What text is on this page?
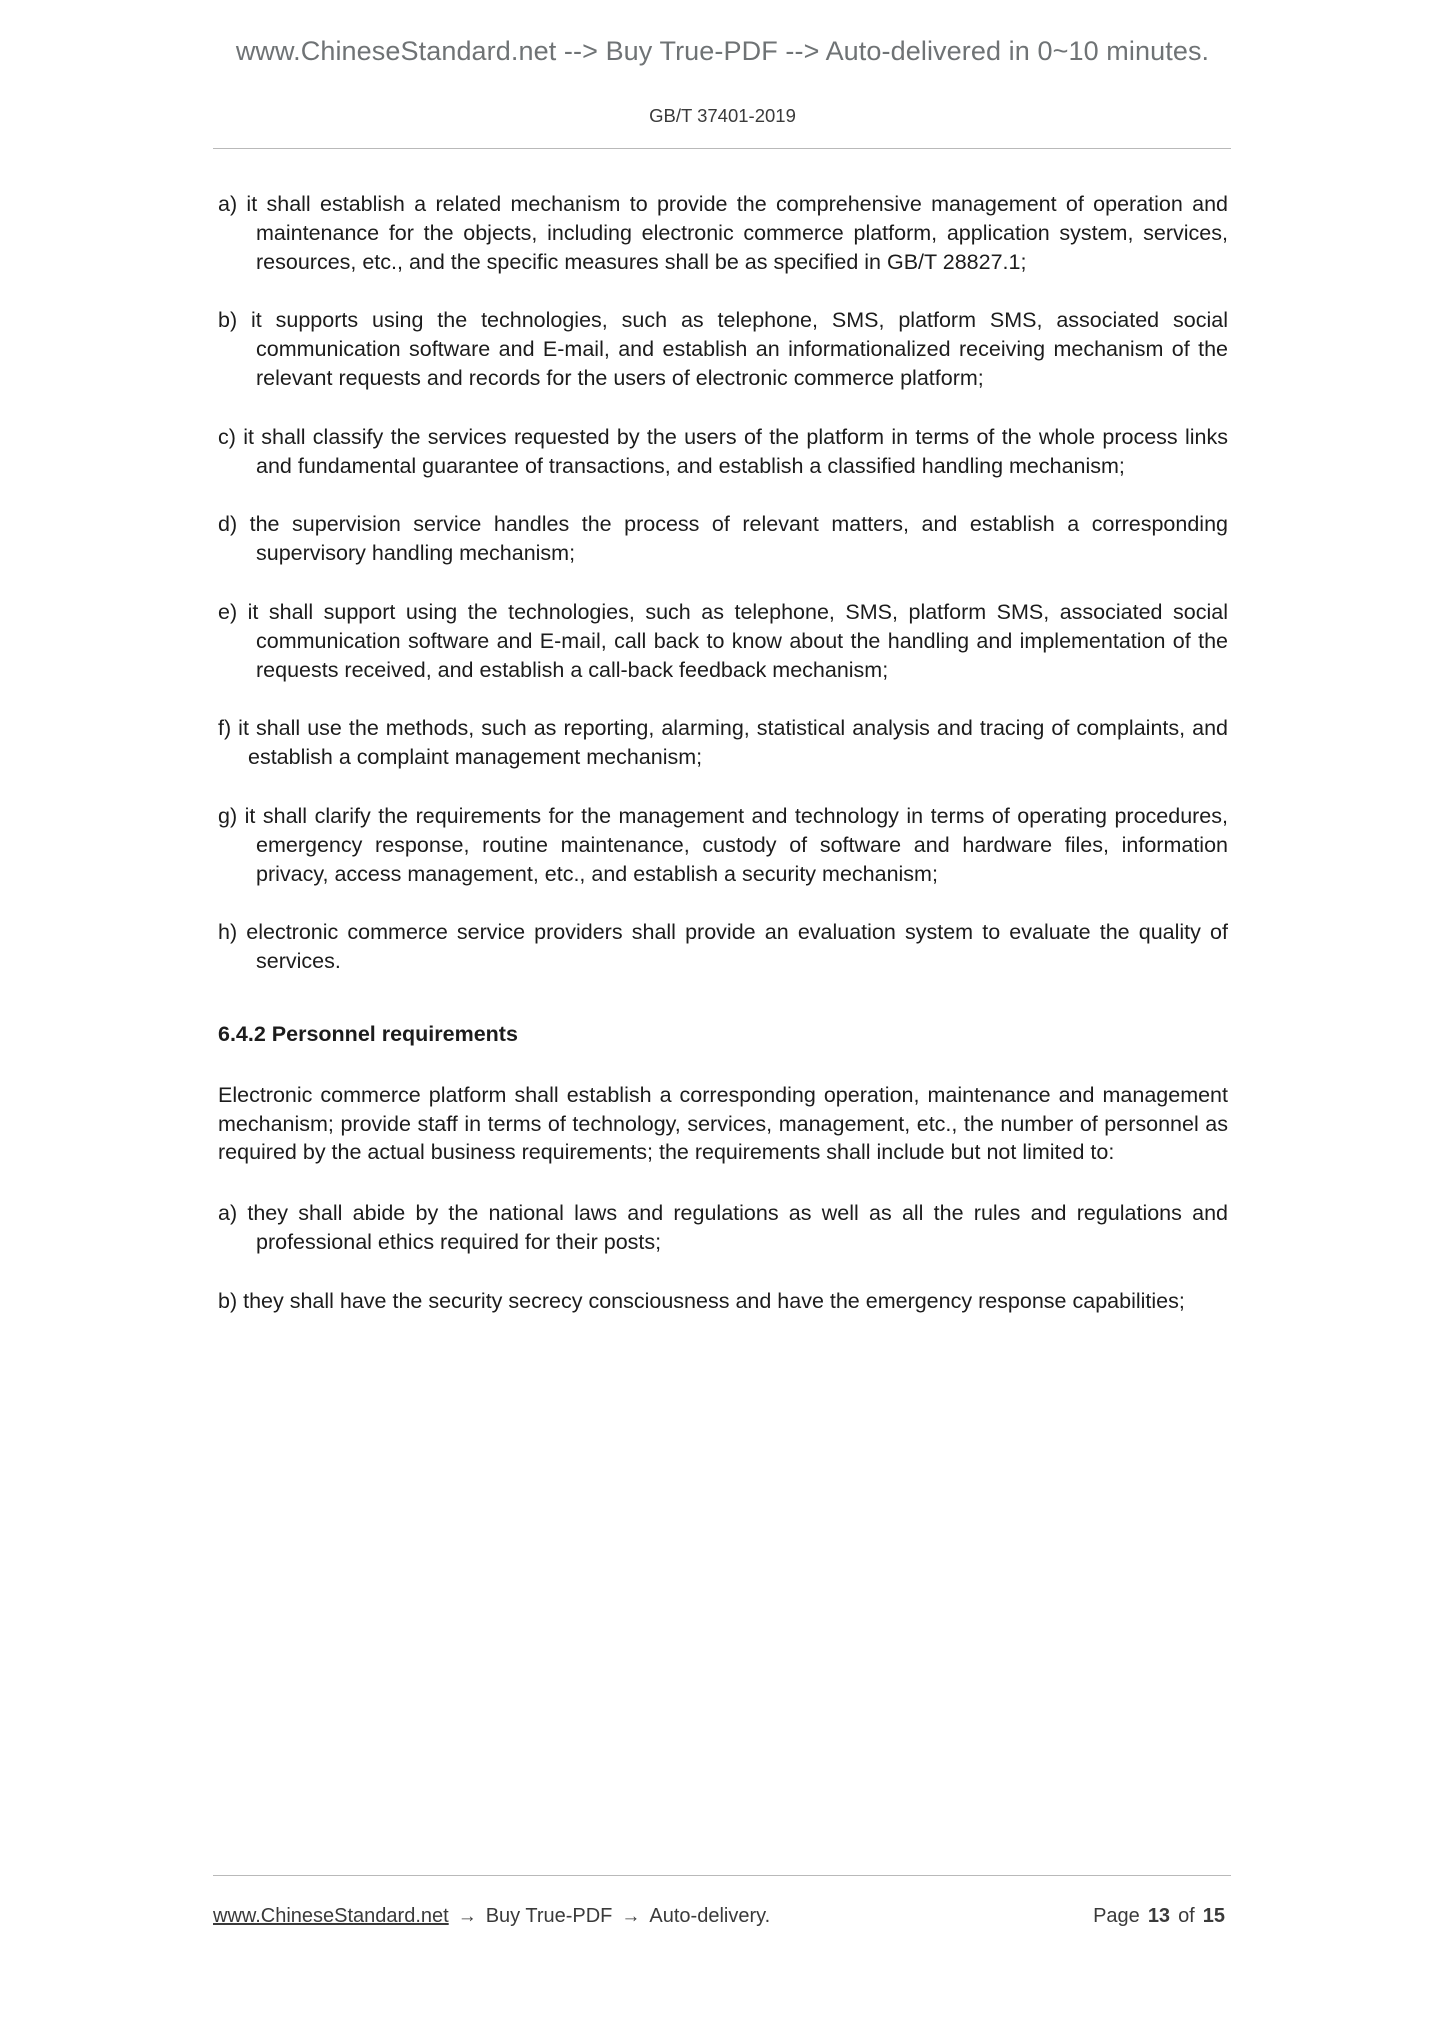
www.ChineseStandard.net --> Buy True-PDF --> Auto-delivered in 0~10 minutes.
GB/T 37401-2019

a) it shall establish a related mechanism to provide the comprehensive management of operation and maintenance for the objects, including electronic commerce platform, application system, services, resources, etc., and the specific measures shall be as specified in GB/T 28827.1;

b) it supports using the technologies, such as telephone, SMS, platform SMS, associated social communication software and E-mail, and establish an informationalized receiving mechanism of the relevant requests and records for the users of electronic commerce platform;

c) it shall classify the services requested by the users of the platform in terms of the whole process links and fundamental guarantee of transactions, and establish a classified handling mechanism;

d) the supervision service handles the process of relevant matters, and establish a corresponding supervisory handling mechanism;

e) it shall support using the technologies, such as telephone, SMS, platform SMS, associated social communication software and E-mail, call back to know about the handling and implementation of the requests received, and establish a call-back feedback mechanism;

f) it shall use the methods, such as reporting, alarming, statistical analysis and tracing of complaints, and establish a complaint management mechanism;

g) it shall clarify the requirements for the management and technology in terms of operating procedures, emergency response, routine maintenance, custody of software and hardware files, information privacy, access management, etc., and establish a security mechanism;

h) electronic commerce service providers shall provide an evaluation system to evaluate the quality of services.

6.4.2 Personnel requirements

Electronic commerce platform shall establish a corresponding operation, maintenance and management mechanism; provide staff in terms of technology, services, management, etc., the number of personnel as required by the actual business requirements; the requirements shall include but not limited to:

a) they shall abide by the national laws and regulations as well as all the rules and regulations and professional ethics required for their posts;

b) they shall have the security secrecy consciousness and have the emergency response capabilities;

www.ChineseStandard.net → Buy True-PDF → Auto-delivery.	Page 13 of 15
